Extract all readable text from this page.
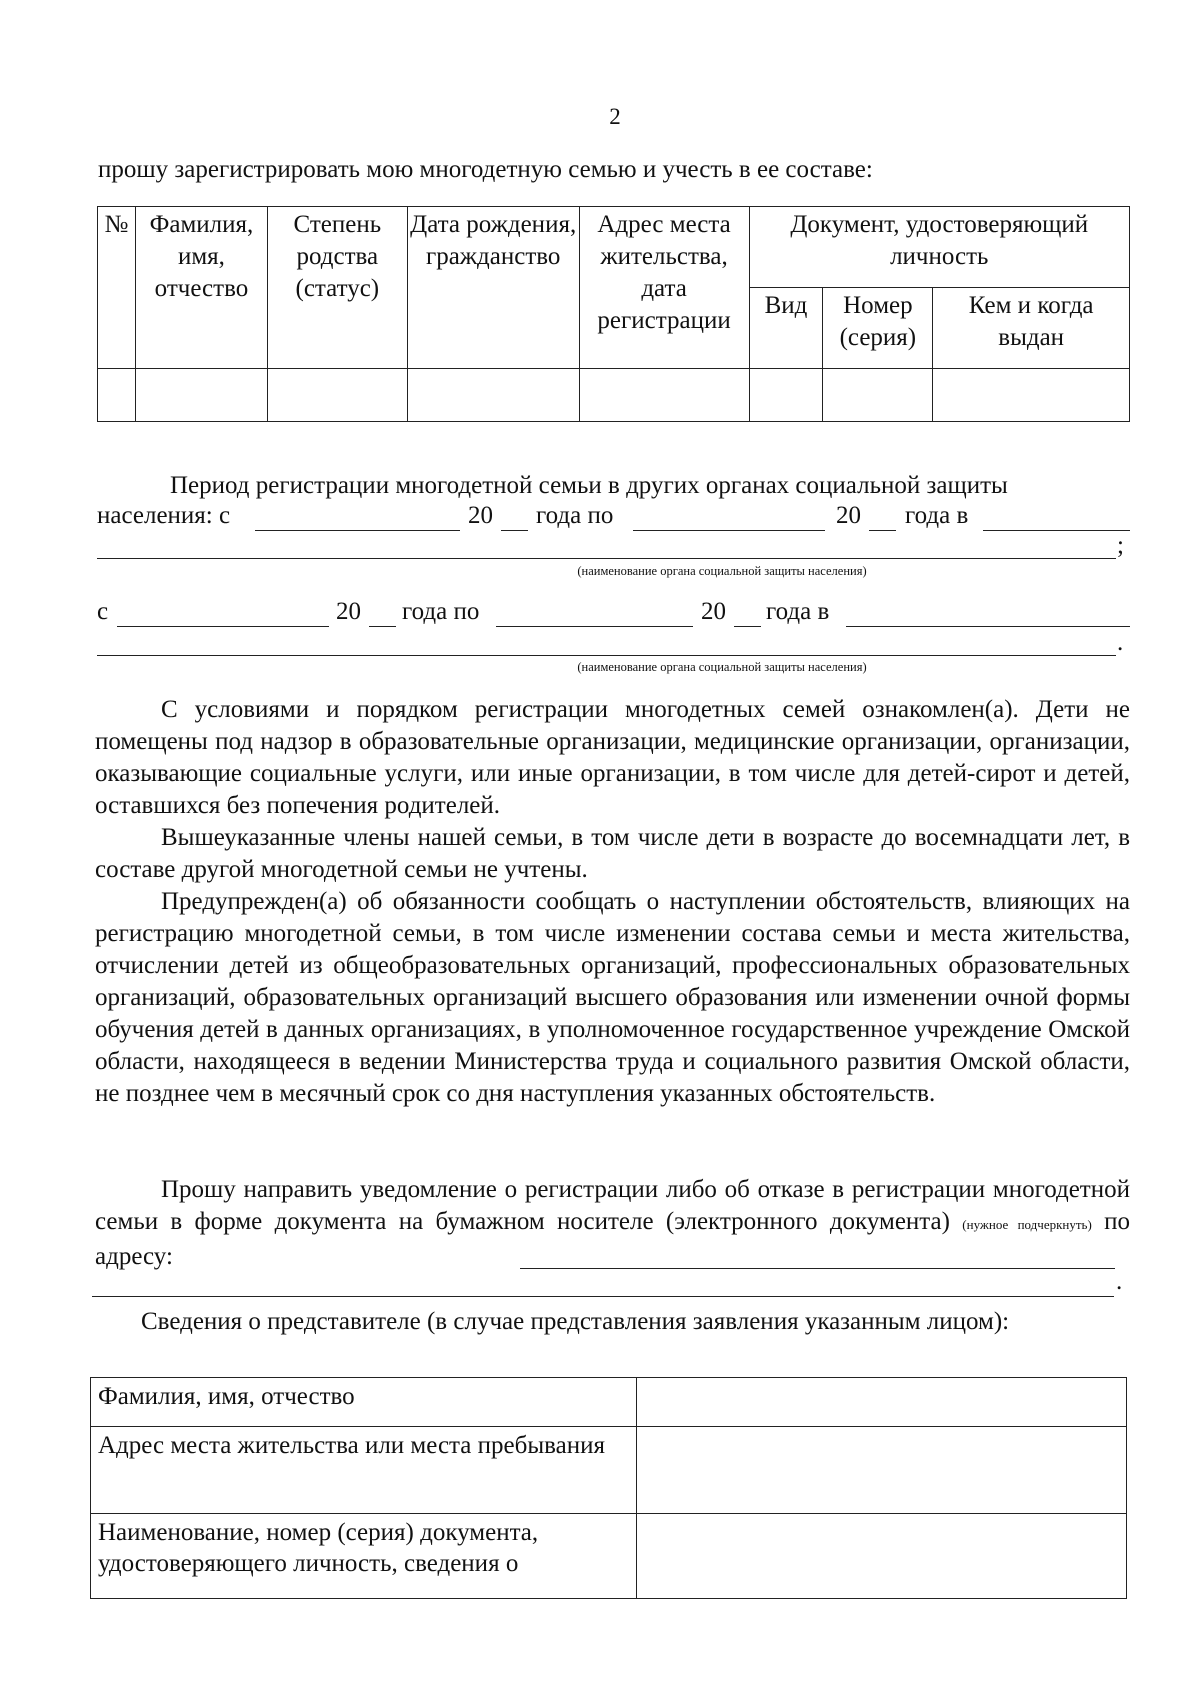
2
прошу зарегистрировать мою многодетную семью и учесть в ее составе:
№	Фамилия, имя, отчество	Степень родства (статус)	Дата рождения, гражданство	Адрес места жительства, дата регистрации	Документ, удостоверяющий личность		
					Вид	Номер (серия)	Кем и когда выдан

Период регистрации многодетной семьи в других органах социальной защиты
населения: с	20 года по	20 года в
;
(наименование органа социальной защиты населения)
с	20 года по	20 года в
.
(наименование органа социальной защиты населения)
С условиями и порядком регистрации многодетных семей ознакомлен(а). Дети не помещены под надзор в образовательные организации, медицинские организации, организации, оказывающие социальные услуги, или иные организации, в том числе для детей-сирот и детей, оставшихся без попечения родителей.
Вышеуказанные члены нашей семьи, в том числе дети в возрасте до восемнадцати лет, в составе другой многодетной семьи не учтены.
Предупрежден(а) об обязанности сообщать о наступлении обстоятельств, влияющих на регистрацию многодетной семьи, в том числе изменении состава семьи и места жительства, отчислении детей из общеобразовательных организаций, профессиональных образовательных организаций, образовательных организаций высшего образования или изменении очной формы обучения детей в данных организациях, в уполномоченное государственное учреждение Омской области, находящееся в ведении Министерства труда и социального развития Омской области, не позднее чем в месячный срок со дня наступления указанных обстоятельств.
Прошу направить уведомление о регистрации либо об отказе в регистрации многодетной семьи в форме документа на бумажном носителе (электронного документа) (нужное подчеркнуть) по адресу:
.
Сведения о представителе (в случае представления заявления указанным лицом):
Фамилия, имя, отчество	
Адрес места жительства или места пребывания	
Наименование, номер (серия) документа, удостоверяющего личность, сведения о	
